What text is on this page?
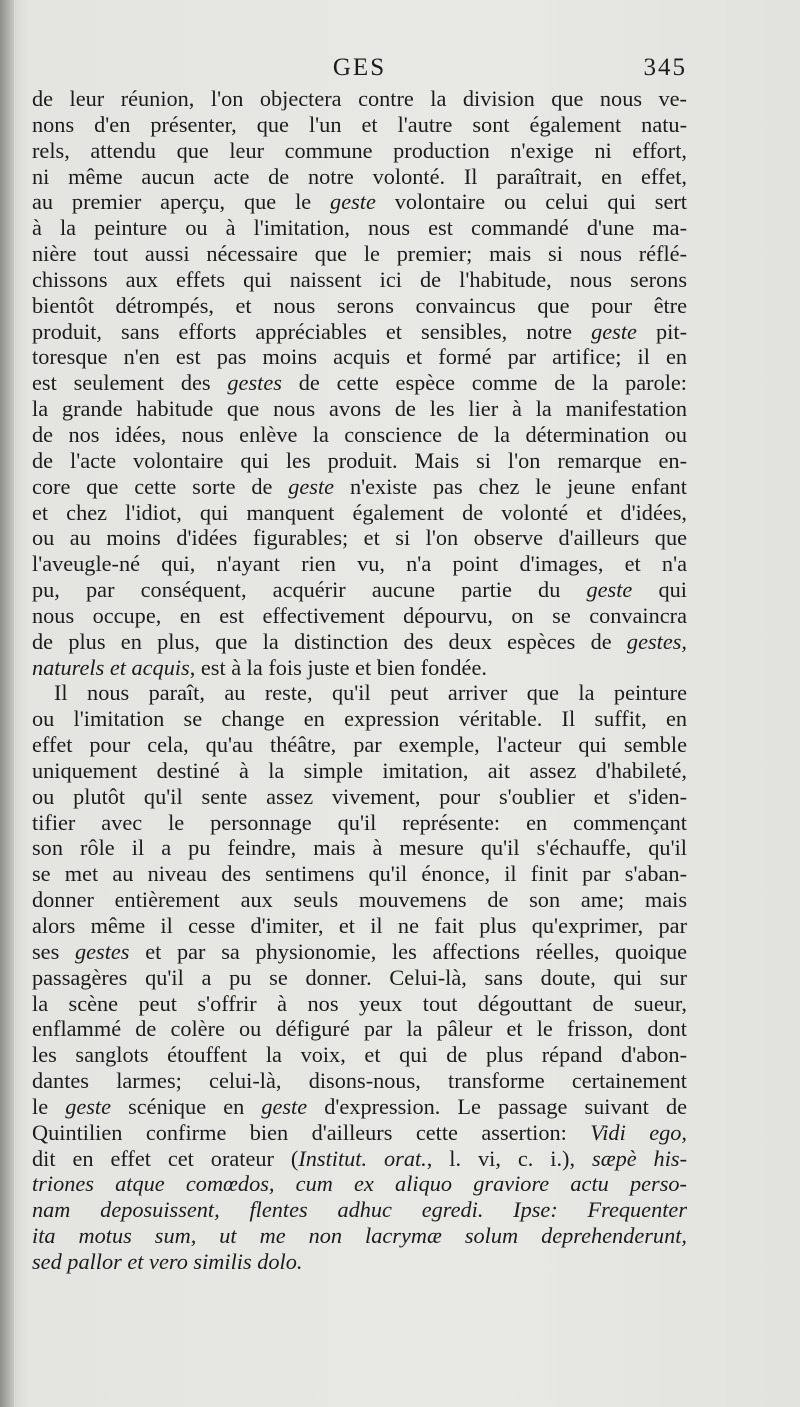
GES	345
de leur réunion, l'on objectera contre la division que nous ve-
nons d'en présenter, que l'un et l'autre sont également natu-
rels, attendu que leur commune production n'exige ni effort,
ni même aucun acte de notre volonté. Il paraîtrait, en effet,
au premier aperçu, que le geste volontaire ou celui qui sert
à la peinture ou à l'imitation, nous est commandé d'une ma-
nière tout aussi nécessaire que le premier; mais si nous réflé-
chissons aux effets qui naissent ici de l'habitude, nous serons
bientôt détrompés, et nous serons convaincus que pour être
produit, sans efforts appréciables et sensibles, notre geste pit-
toresque n'en est pas moins acquis et formé par artifice; il en
est seulement des gestes de cette espèce comme de la parole:
la grande habitude que nous avons de les lier à la manifestation
de nos idées, nous enlève la conscience de la détermination ou
de l'acte volontaire qui les produit. Mais si l'on remarque en-
core que cette sorte de geste n'existe pas chez le jeune enfant
et chez l'idiot, qui manquent également de volonté et d'idées,
ou au moins d'idées figurables; et si l'on observe d'ailleurs que
l'aveugle-né qui, n'ayant rien vu, n'a point d'images, et n'a
pu, par conséquent, acquérir aucune partie du geste qui
nous occupe, en est effectivement dépourvu, on se convaincra
de plus en plus, que la distinction des deux espèces de gestes,
naturels et acquis, est à la fois juste et bien fondée.
Il nous paraît, au reste, qu'il peut arriver que la peinture
ou l'imitation se change en expression véritable. Il suffit, en
effet pour cela, qu'au théâtre, par exemple, l'acteur qui semble
uniquement destiné à la simple imitation, ait assez d'habileté,
ou plutôt qu'il sente assez vivement, pour s'oublier et s'iden-
tifier avec le personnage qu'il représente: en commençant
son rôle il a pu feindre, mais à mesure qu'il s'échauffe, qu'il
se met au niveau des sentimens qu'il énonce, il finit par s'aban-
donner entièrement aux seuls mouvemens de son ame; mais
alors même il cesse d'imiter, et il ne fait plus qu'exprimer, par
ses gestes et par sa physionomie, les affections réelles, quoique
passagères qu'il a pu se donner. Celui-là, sans doute, qui sur
la scène peut s'offrir à nos yeux tout dégouttant de sueur,
enflammé de colère ou défiguré par la pâleur et le frisson, dont
les sanglots étouffent la voix, et qui de plus répand d'abon-
dantes larmes; celui-là, disons-nous, transforme certainement
le geste scénique en geste d'expression. Le passage suivant de
Quintilien confirme bien d'ailleurs cette assertion: Vidi ego,
dit en effet cet orateur (Institut. orat., l. vi, c. i.), sæpè his-
triones atque comœdos, cum ex aliquo graviore actu perso-
nam deposuissent, flentes adhuc egredi. Ipse: Frequenter
ita motus sum, ut me non lacrymæ solum deprehenderunt,
sed pallor et vero similis dolo.
